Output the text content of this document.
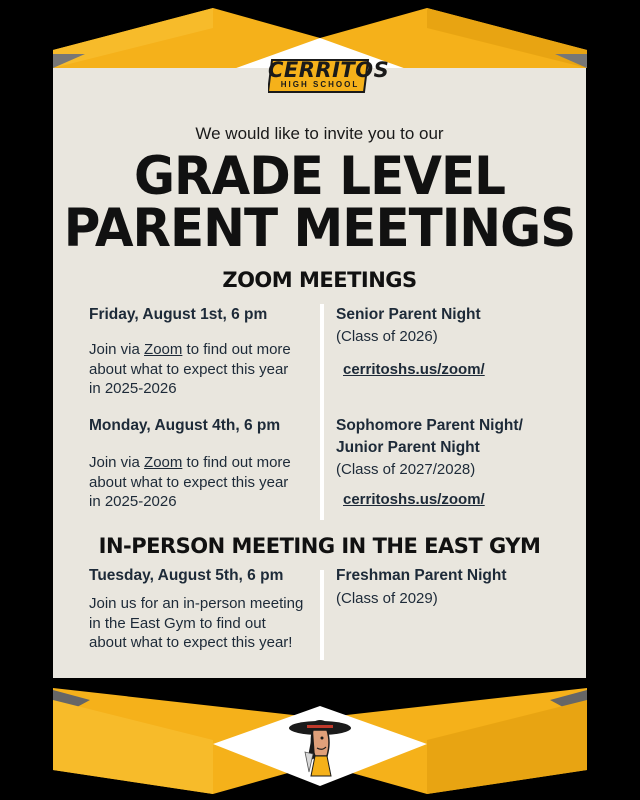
CERRITOS
HIGH SCHOOL
We would like to invite you to our
GRADE LEVEL
PARENT MEETINGS
ZOOM MEETINGS
Friday, August 1st, 6 pm
Join via Zoom to find out more
about what to expect this year
in 2025-2026
Senior Parent Night
(Class of 2026)
cerritoshs.us/zoom/
Monday, August 4th, 6 pm
Join via Zoom to find out more
about what to expect this year
in 2025-2026
Sophomore Parent Night/
Junior Parent Night
(Class of 2027/2028)
cerritoshs.us/zoom/
IN-PERSON MEETING IN THE EAST GYM
Tuesday, August 5th, 6 pm
Join us for an in-person meeting
in the East Gym to find out
about what to expect this year!
Freshman Parent Night
(Class of 2029)
